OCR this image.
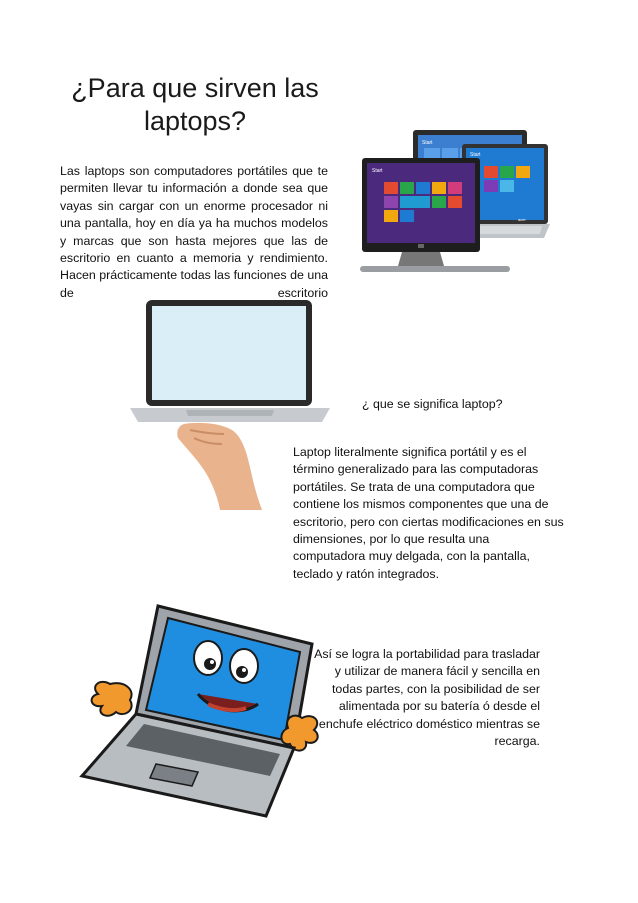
¿Para que sirven las
laptops?

Las laptops son computadores portátiles que te permiten llevar tu información a donde sea que vayas sin cargar con un enorme procesador ni una pantalla, hoy en día ya ha muchos modelos y marcas que son hasta mejores que las de escritorio en cuanto a memoria y rendimiento. Hacen prácticamente todas las funciones de una de escritorio

Start
Start
acer
Start

¿ que se significa laptop?

Laptop literalmente significa portátil y es el término generalizado para las computadoras portátiles. Se trata de una computadora que contiene los mismos componentes que una de escritorio, pero con ciertas modificaciones en sus dimensiones, por lo que resulta una computadora muy delgada, con la pantalla, teclado y ratón integrados.

Así se logra la portabilidad para trasladar y utilizar de manera fácil y sencilla en todas partes, con la posibilidad de ser alimentada por su batería ó desde el enchufe eléctrico doméstico mientras se recarga.
